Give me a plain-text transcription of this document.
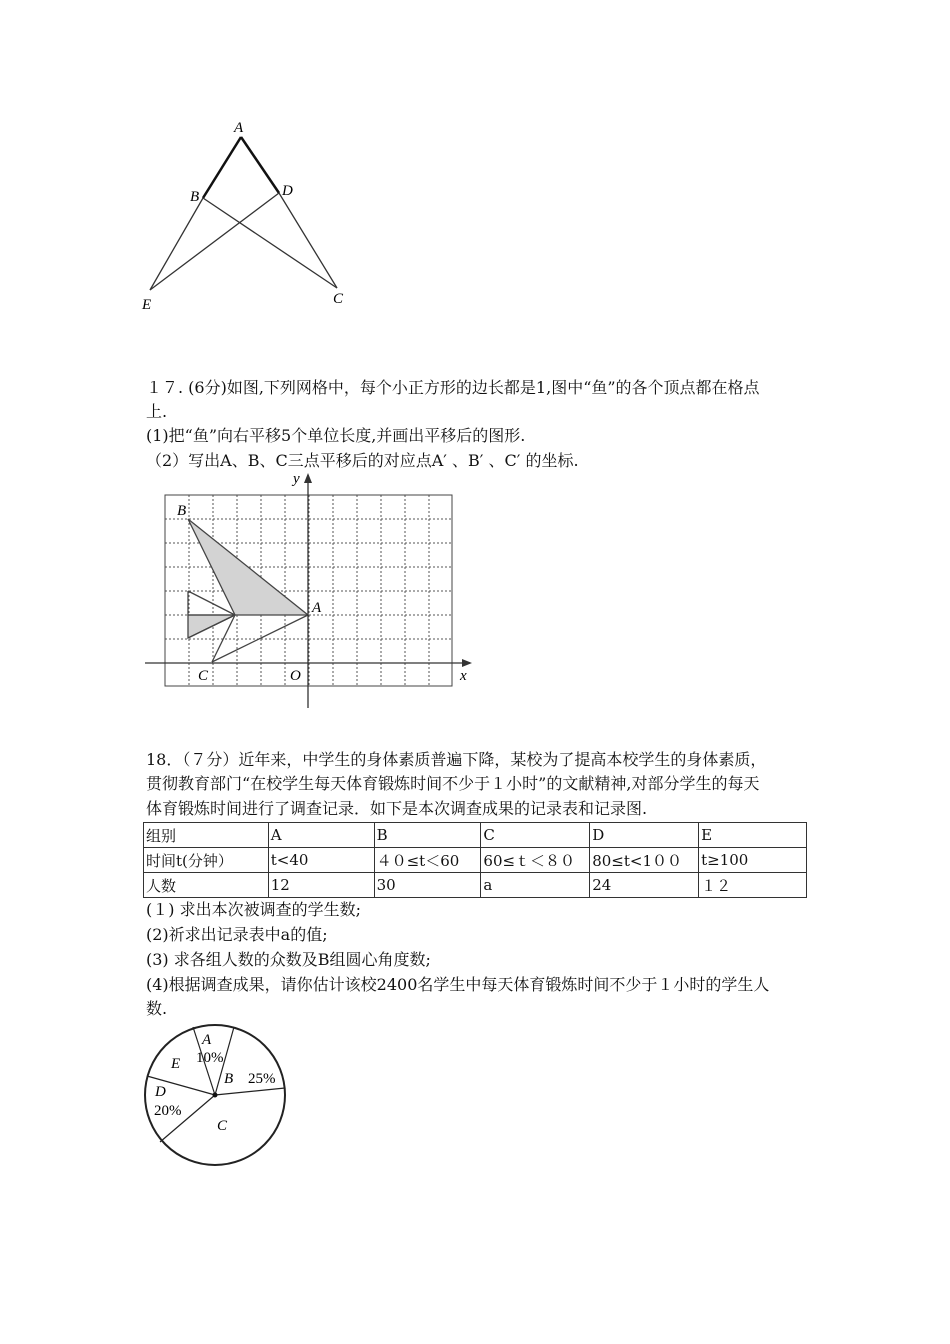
A
B	D
E	C
１７. (6分)如图,下列网格中，每个小正方形的边长都是1,图中“鱼”的各个顶点都在格点
上.
(1)把“鱼”向右平移5个单位长度,并画出平移后的图形.
（2）写出A、B、C三点平移后的对应点A′ 、B′ 、C′ 的坐标.
y
x
O
A
B
C
18．（７分）近年来，中学生的身体素质普遍下降，某校为了提高本校学生的身体素质，
贯彻教育部门“在校学生每天体育锻炼时间不少于１小时”的文献精神,对部分学生的每天
体育锻炼时间进行了调查记录．如下是本次调查成果的记录表和记录图.
组别	A	B	C	D	E
时间t(分钟）	t<40	４０≤t＜60	60≤ｔ＜８０	80≤t<1００	t≥100
人数	12	30	a	24	１２
(１) 求出本次被调查的学生数;
(2)祈求出记录表中a的值;
(3) 求各组人数的众数及B组圆心角度数;
(4)根据调查成果，请你估计该校2400名学生中每天体育锻炼时间不少于１小时的学生人
数.
A
10%
B 25%
E
D
20%
C
